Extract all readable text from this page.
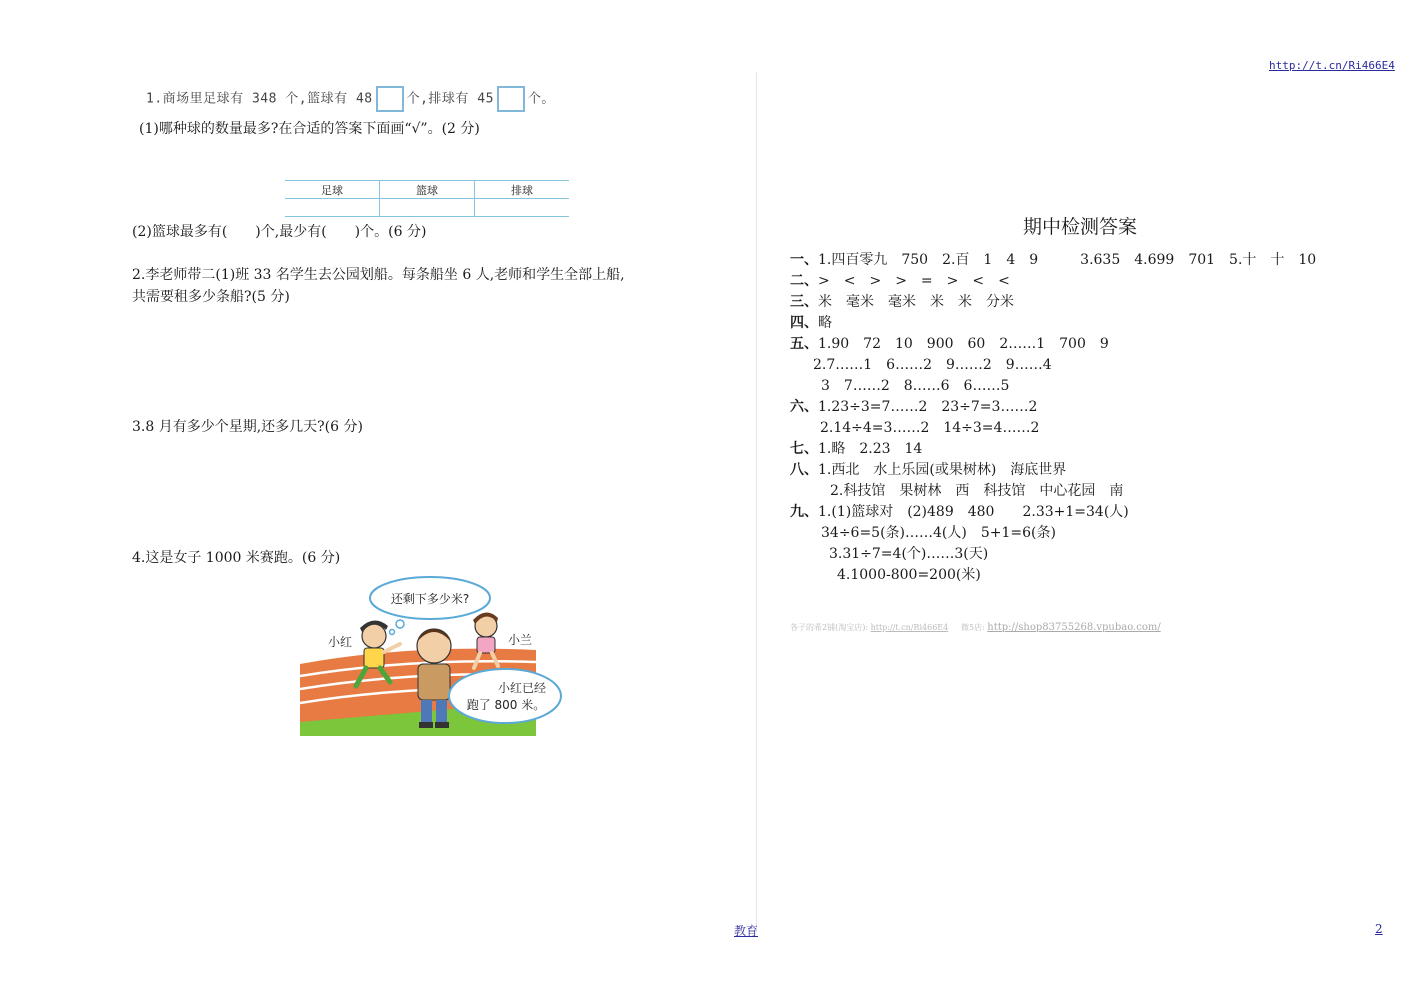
http://t.cn/Ri466E4
1.商场里足球有 348 个,篮球有 48	个,排球有 45	个。
(1)哪种球的数量最多?在合适的答案下面画“√”。(2 分)
足球	篮球	排球

(2)篮球最多有(　　)个,最少有(　　)个。(6 分)
2.李老师带二(1)班 33 名学生去公园划船。每条船坐 6 人,老师和学生全部上船,
共需要租多少条船?(5 分)
3.8 月有多少个星期,还多几天?(6 分)
4.这是女子 1000 米赛跑。(6 分)
还剩下多少米?
小红	小兰
小红已经
跑了 800 米。
期中检测答案
一、1.四百零九　750　2.百　1　4　9　　　3.635　4.699　701　5.十　十　10
二、>　<　>　>　=　>　<　<
三、米　毫米　毫米　米　米　分米
四、略
五、1.90　72　10　900　60　2……1　700　9
2.7……1　6……2　9……2　9……4
3　7……2　8……6　6……5
六、1.23÷3=7……2　23÷7=3……2
2.14÷4=3……2　14÷3=4……2
七、1.略　2.23　14
八、1.西北　水上乐园(或果树林)　海底世界
2.科技馆　果树林　西　科技馆　中心花园　南
九、1.(1)篮球对　(2)489　480　　2.33+1=34(人)
34÷6=5(条)……4(人)　5+1=6(条)
3.31÷7=4(个)……3(天)
4.1000-800=200(米)
各子的希2铺(淘宝店): http://t.cn/Ri466E4 微5店: http://shop83755268.vpubao.com/
教育	2
